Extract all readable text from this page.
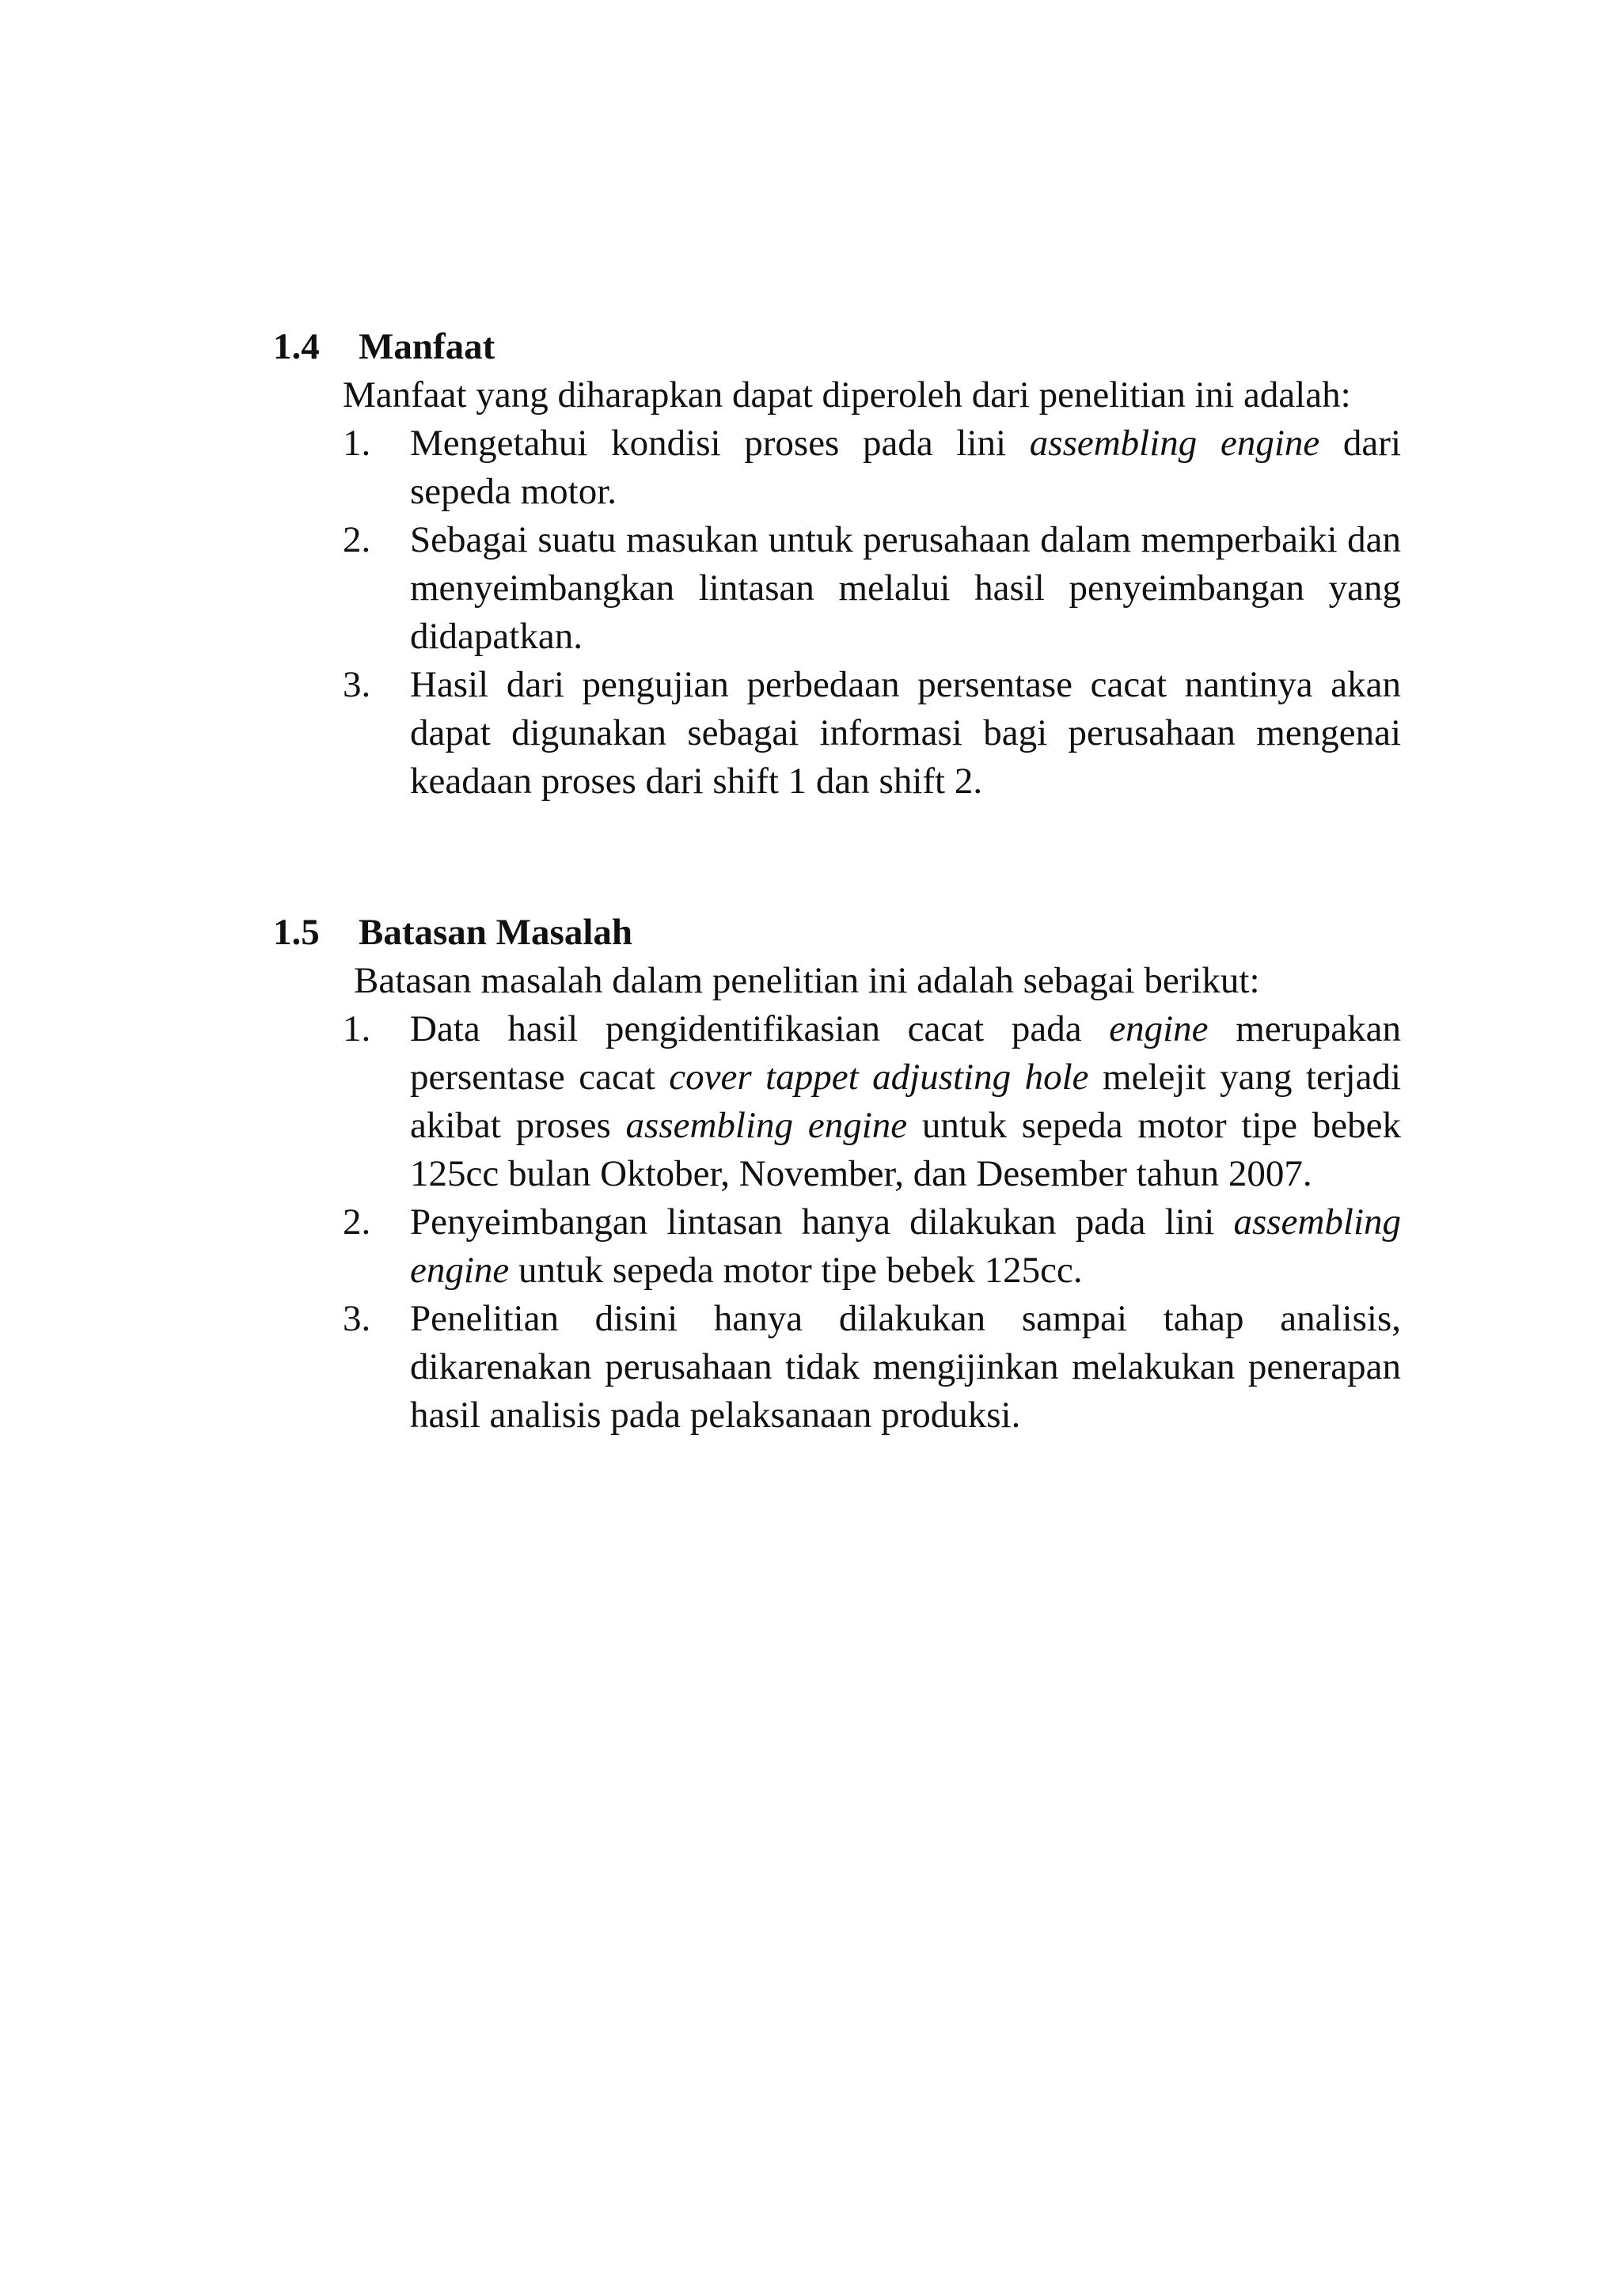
1.4	Manfaat

Manfaat yang diharapkan dapat diperoleh dari penelitian ini adalah:

1.	Mengetahui kondisi proses pada lini assembling engine dari sepeda motor.
2.	Sebagai suatu masukan untuk perusahaan dalam memperbaiki dan menyeimbangkan lintasan melalui hasil penyeimbangan yang didapatkan.
3.	Hasil dari pengujian perbedaan persentase cacat nantinya akan dapat digunakan sebagai informasi bagi perusahaan mengenai keadaan proses dari shift 1 dan shift 2.
1.5	Batasan Masalah

Batasan masalah dalam penelitian ini adalah sebagai berikut:

1.	Data hasil pengidentifikasian cacat pada engine merupakan persentase cacat cover tappet adjusting hole melejit yang terjadi akibat proses assembling engine untuk sepeda motor tipe bebek 125cc bulan Oktober, November, dan Desember tahun 2007.
2.	Penyeimbangan lintasan hanya dilakukan pada lini assembling engine untuk sepeda motor tipe bebek 125cc.
3.	Penelitian disini hanya dilakukan sampai tahap analisis, dikarenakan perusahaan tidak mengijinkan melakukan penerapan hasil analisis pada pelaksanaan produksi.
